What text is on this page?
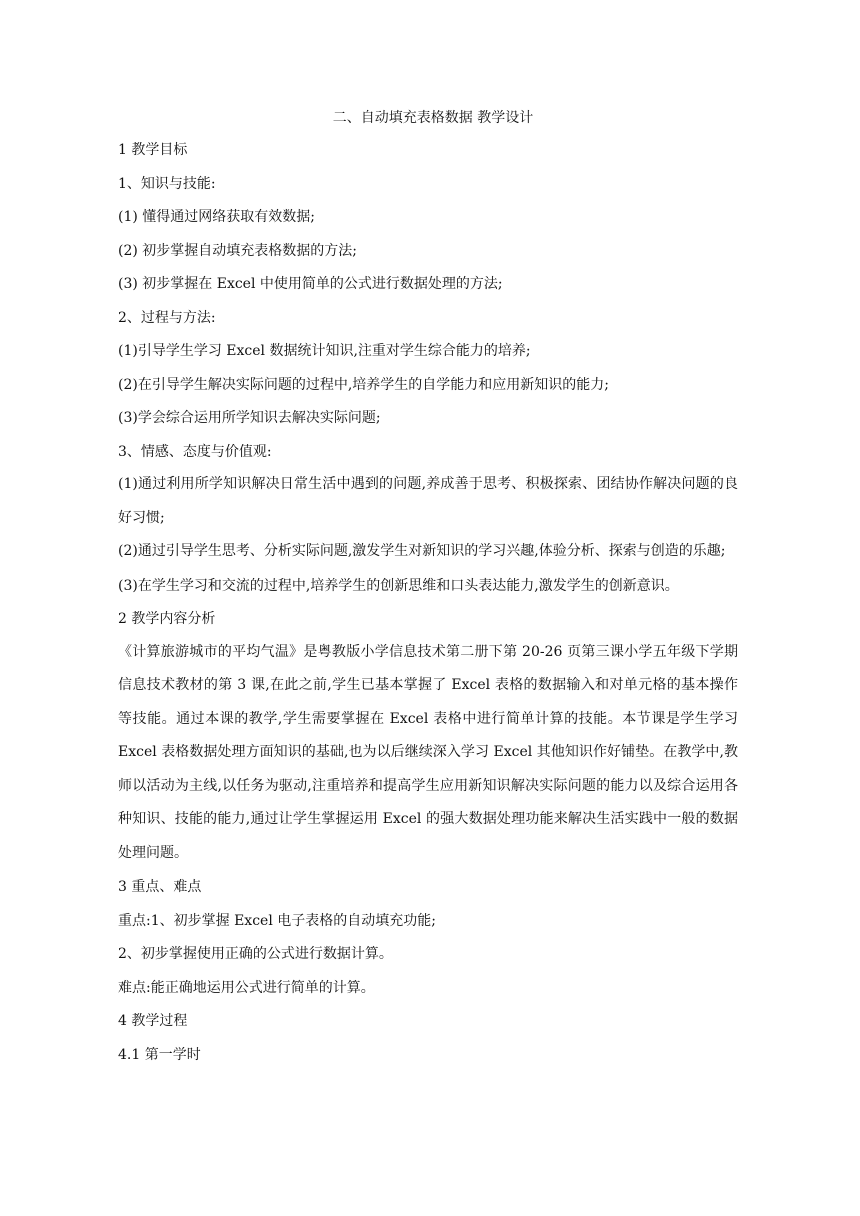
二、自动填充表格数据 教学设计
1 教学目标
1、知识与技能:
(1) 懂得通过网络获取有效数据;
(2) 初步掌握自动填充表格数据的方法;
(3) 初步掌握在 Excel 中使用简单的公式进行数据处理的方法;
2、过程与方法:
(1)引导学生学习 Excel 数据统计知识,注重对学生综合能力的培养;
(2)在引导学生解决实际问题的过程中,培养学生的自学能力和应用新知识的能力;
(3)学会综合运用所学知识去解决实际问题;
3、情感、态度与价值观:
(1)通过利用所学知识解决日常生活中遇到的问题,养成善于思考、积极探索、团结协作解决问题的良好习惯;
(2)通过引导学生思考、分析实际问题,激发学生对新知识的学习兴趣,体验分析、探索与创造的乐趣;
(3)在学生学习和交流的过程中,培养学生的创新思维和口头表达能力,激发学生的创新意识。
2 教学内容分析
《计算旅游城市的平均气温》是粤教版小学信息技术第二册下第 20-26 页第三课小学五年级下学期信息技术教材的第 3 课,在此之前,学生已基本掌握了 Excel 表格的数据输入和对单元格的基本操作等技能。通过本课的教学,学生需要掌握在 Excel 表格中进行简单计算的技能。本节课是学生学习 Excel 表格数据处理方面知识的基础,也为以后继续深入学习 Excel 其他知识作好铺垫。在教学中,教师以活动为主线,以任务为驱动,注重培养和提高学生应用新知识解决实际问题的能力以及综合运用各种知识、技能的能力,通过让学生掌握运用 Excel 的强大数据处理功能来解决生活实践中一般的数据处理问题。
3 重点、难点
重点:1、初步掌握 Excel 电子表格的自动填充功能;
2、初步掌握使用正确的公式进行数据计算。
难点:能正确地运用公式进行简单的计算。
4 教学过程
4.1 第一学时
